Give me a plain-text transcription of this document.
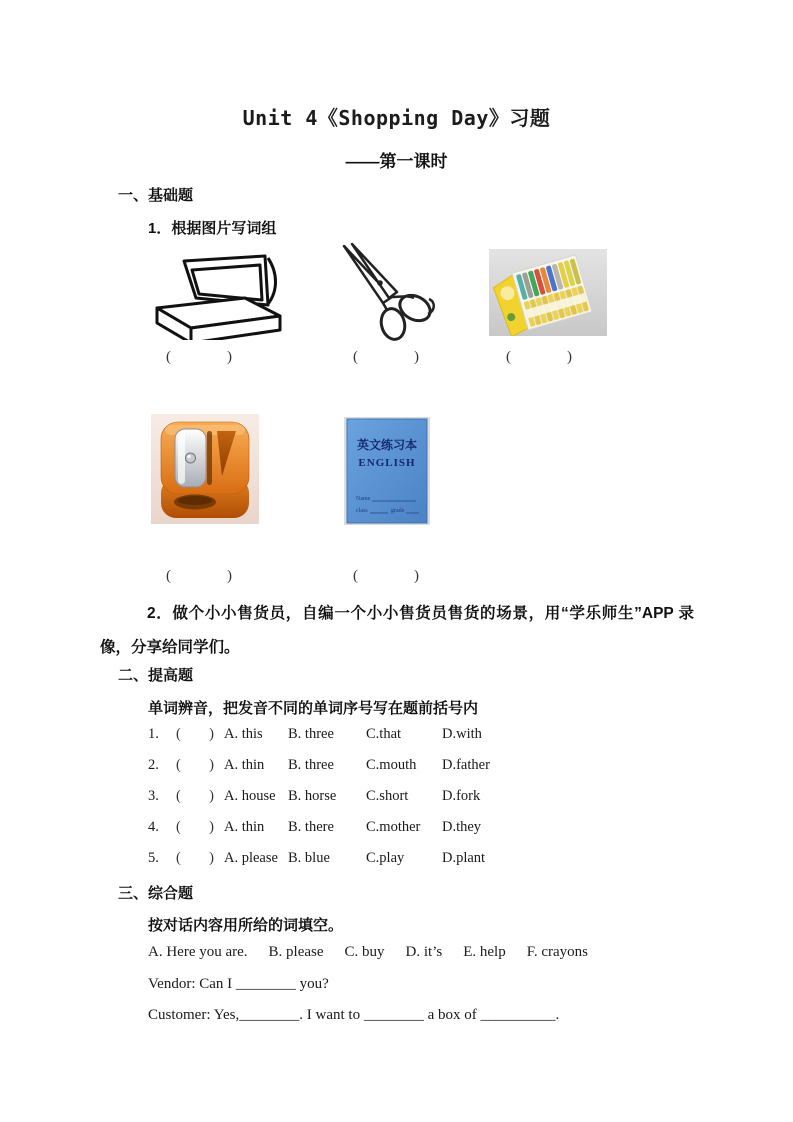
Unit 4《Shopping Day》习题
——第一课时
一、基础题
1．根据图片写词组
(	)	(	)	(	)
英文练习本
ENGLISH
Name
class	grade
(	)	(	)
2．做个小小售货员，自编一个小小售货员售货的场景，用“学乐师生”APP 录像，分享给同学们。
二、提高题
单词辨音，把发音不同的单词序号写在题前括号内
1.	( ) A. this	B. three	C.that	D.with
2.	( ) A. thin	B. three	C.mouth	D.father
3.	( ) A. house B. horse	C.short	D.fork
4.	( ) A. thin	B. there	C.mother	D.they
5.	( ) A. please B. blue	C.play	D.plant
三、综合题
按对话内容用所给的词填空。
A. Here you are. B. please C. buy D. it’s E. help F. crayons
Vendor: Can I ________ you?
Customer: Yes,________. I want to ________ a box of __________.
